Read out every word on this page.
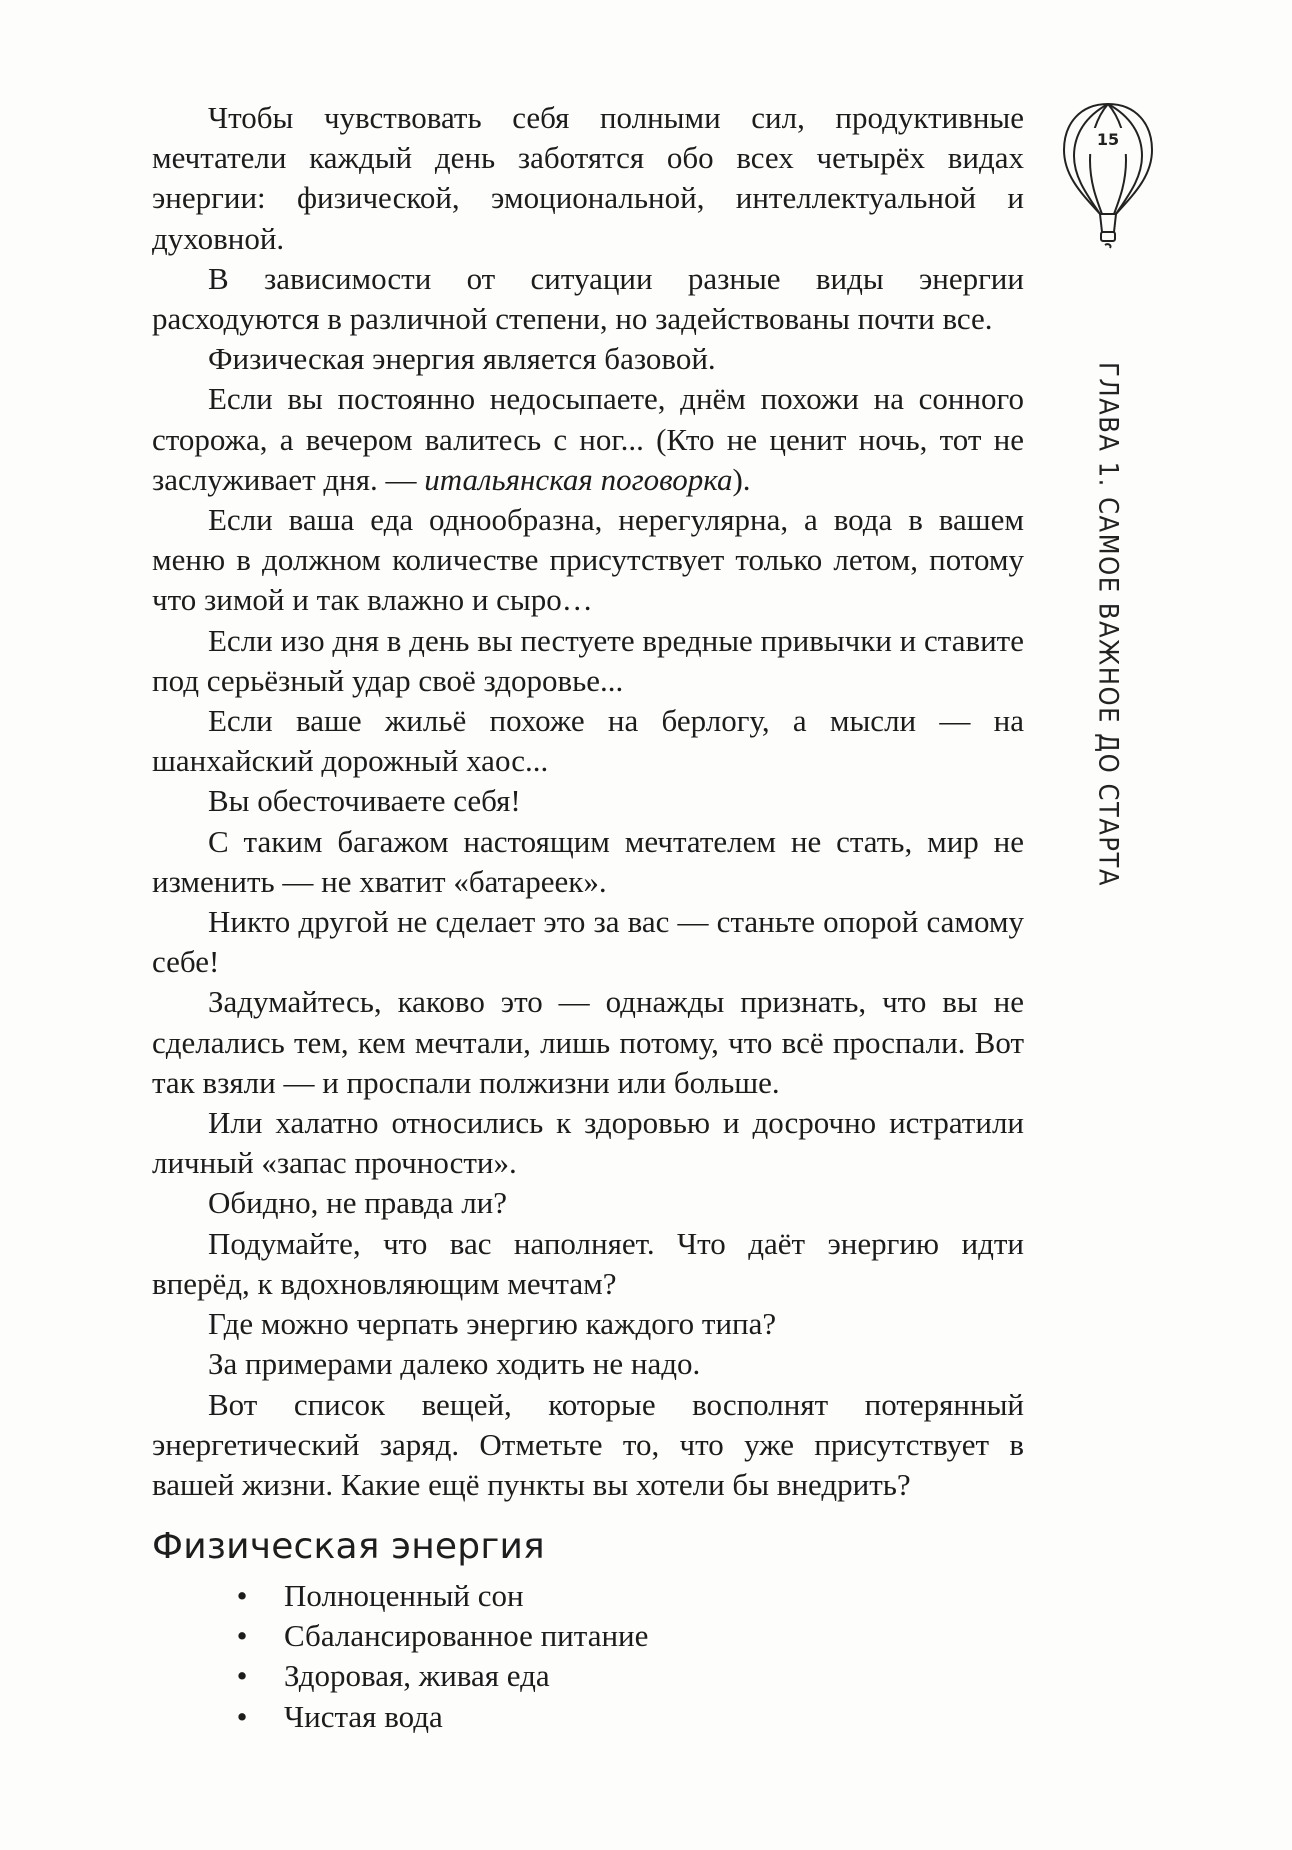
15
ГЛАВА 1. САМОЕ ВАЖНОЕ ДО СТАРТА

Чтобы чувствовать себя полными сил, продуктивные мечтатели каждый день заботятся обо всех четырёх видах энергии: физической, эмоциональной, интеллектуальной и духовной.

В зависимости от ситуации разные виды энергии расходуются в различной степени, но задействованы почти все.

Физическая энергия является базовой.

Если вы постоянно недосыпаете, днём похожи на сонного сторожа, а вечером валитесь с ног... (Кто не ценит ночь, тот не заслуживает дня. — итальянская поговорка).

Если ваша еда однообразна, нерегулярна, а вода в вашем меню в должном количестве присутствует только летом, потому что зимой и так влажно и сыро…

Если изо дня в день вы пестуете вредные привычки и ставите под серьёзный удар своё здоровье...

Если ваше жильё похоже на берлогу, а мысли — на шанхайский дорожный хаос...

Вы обесточиваете себя!

С таким багажом настоящим мечтателем не стать, мир не изменить — не хватит «батареек».

Никто другой не сделает это за вас — станьте опорой самому себе!

Задумайтесь, каково это — однажды признать, что вы не сделались тем, кем мечтали, лишь потому, что всё проспали. Вот так взяли — и проспали полжизни или больше.

Или халатно относились к здоровью и досрочно истратили личный «запас прочности».

Обидно, не правда ли?

Подумайте, что вас наполняет. Что даёт энергию идти вперёд, к вдохновляющим мечтам?

Где можно черпать энергию каждого типа?

За примерами далеко ходить не надо.

Вот список вещей, которые восполнят потерянный энергетический заряд. Отметьте то, что уже присутствует в вашей жизни. Какие ещё пункты вы хотели бы внедрить?

Физическая энергия
• Полноценный сон
• Сбалансированное питание
• Здоровая, живая еда
• Чистая вода
